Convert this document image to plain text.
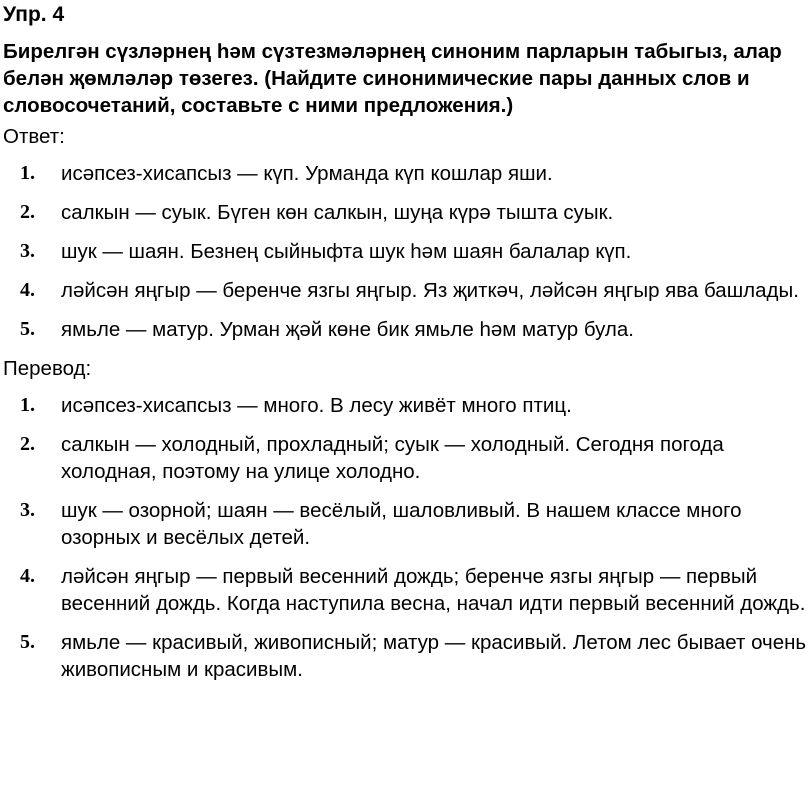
Упр. 4
Бирелгән сүзләрнең һәм сүзтезмәләрнең синоним парларын табыгыз, алар белән җөмләләр төзегез. (Найдите синонимические пары данных слов и словосочетаний, составьте с ними предложения.)
Ответ:
1.	исәпсез-хисапсыз — күп. Урманда күп кошлар яши.
2.	салкын — суык. Бүген көн салкын, шуңа күрә тышта суык.
3.	шук — шаян. Безнең сыйныфта шук һәм шаян балалар күп.
4.	ләйсән яңгыр — беренче язгы яңгыр. Яз җиткәч, ләйсән яңгыр ява башлады.
5.	ямьле — матур. Урман җәй көне бик ямьле һәм матур була.
Перевод:
1.	исәпсез-хисапсыз — много. В лесу живёт много птиц.
2.	салкын — холодный, прохладный; суык — холодный. Сегодня погода холодная, поэтому на улице холодно.
3.	шук — озорной; шаян — весёлый, шаловливый. В нашем классе много озорных и весёлых детей.
4.	ләйсән яңгыр — первый весенний дождь; беренче язгы яңгыр — первый весенний дождь. Когда наступила весна, начал идти первый весенний дождь.
5.	ямьле — красивый, живописный; матур — красивый. Летом лес бывает очень живописным и красивым.
